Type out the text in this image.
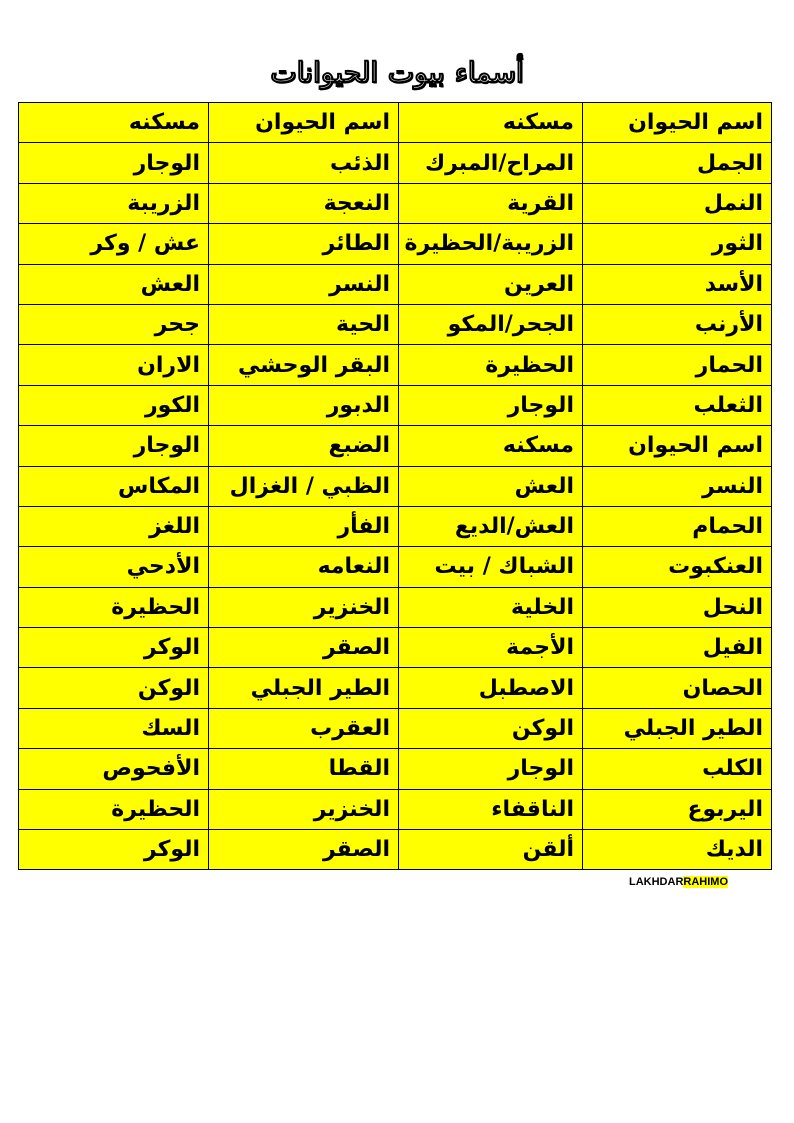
أسماء بيوت الحيوانات
اسم الحيوان	مسكنه	اسم الحيوان	مسكنه
الجمل	المراح/المبرك	الذئب	الوجار
النمل	القرية	النعجة	الزريبة
الثور	الزريبة/الحظيرة	الطائر	عش / وكر
الأسد	العرين	النسر	العش
الأرنب	الجحر/المكو	الحية	جحر
الحمار	الحظيرة	البقر الوحشي	الاران
الثعلب	الوجار	الدبور	الكور
اسم الحيوان	مسكنه	الضبع	الوجار
النسر	العش	الظبي / الغزال	المكاس
الحمام	العش/الديع	الفأر	اللغز
العنكبوت	الشباك / بيت	النعامه	الأدحي
النحل	الخلية	الخنزير	الحظيرة
الفيل	الأجمة	الصقر	الوكر
الحصان	الاصطبل	الطير الجبلي	الوكن
الطير الجبلي	الوكن	العقرب	السك
الكلب	الوجار	القطا	الأفحوص
اليربوع	الناقفاء	الخنزير	الحظيرة
الديك	ألقن	الصقر	الوكر
LAKHDARRAHIMO
